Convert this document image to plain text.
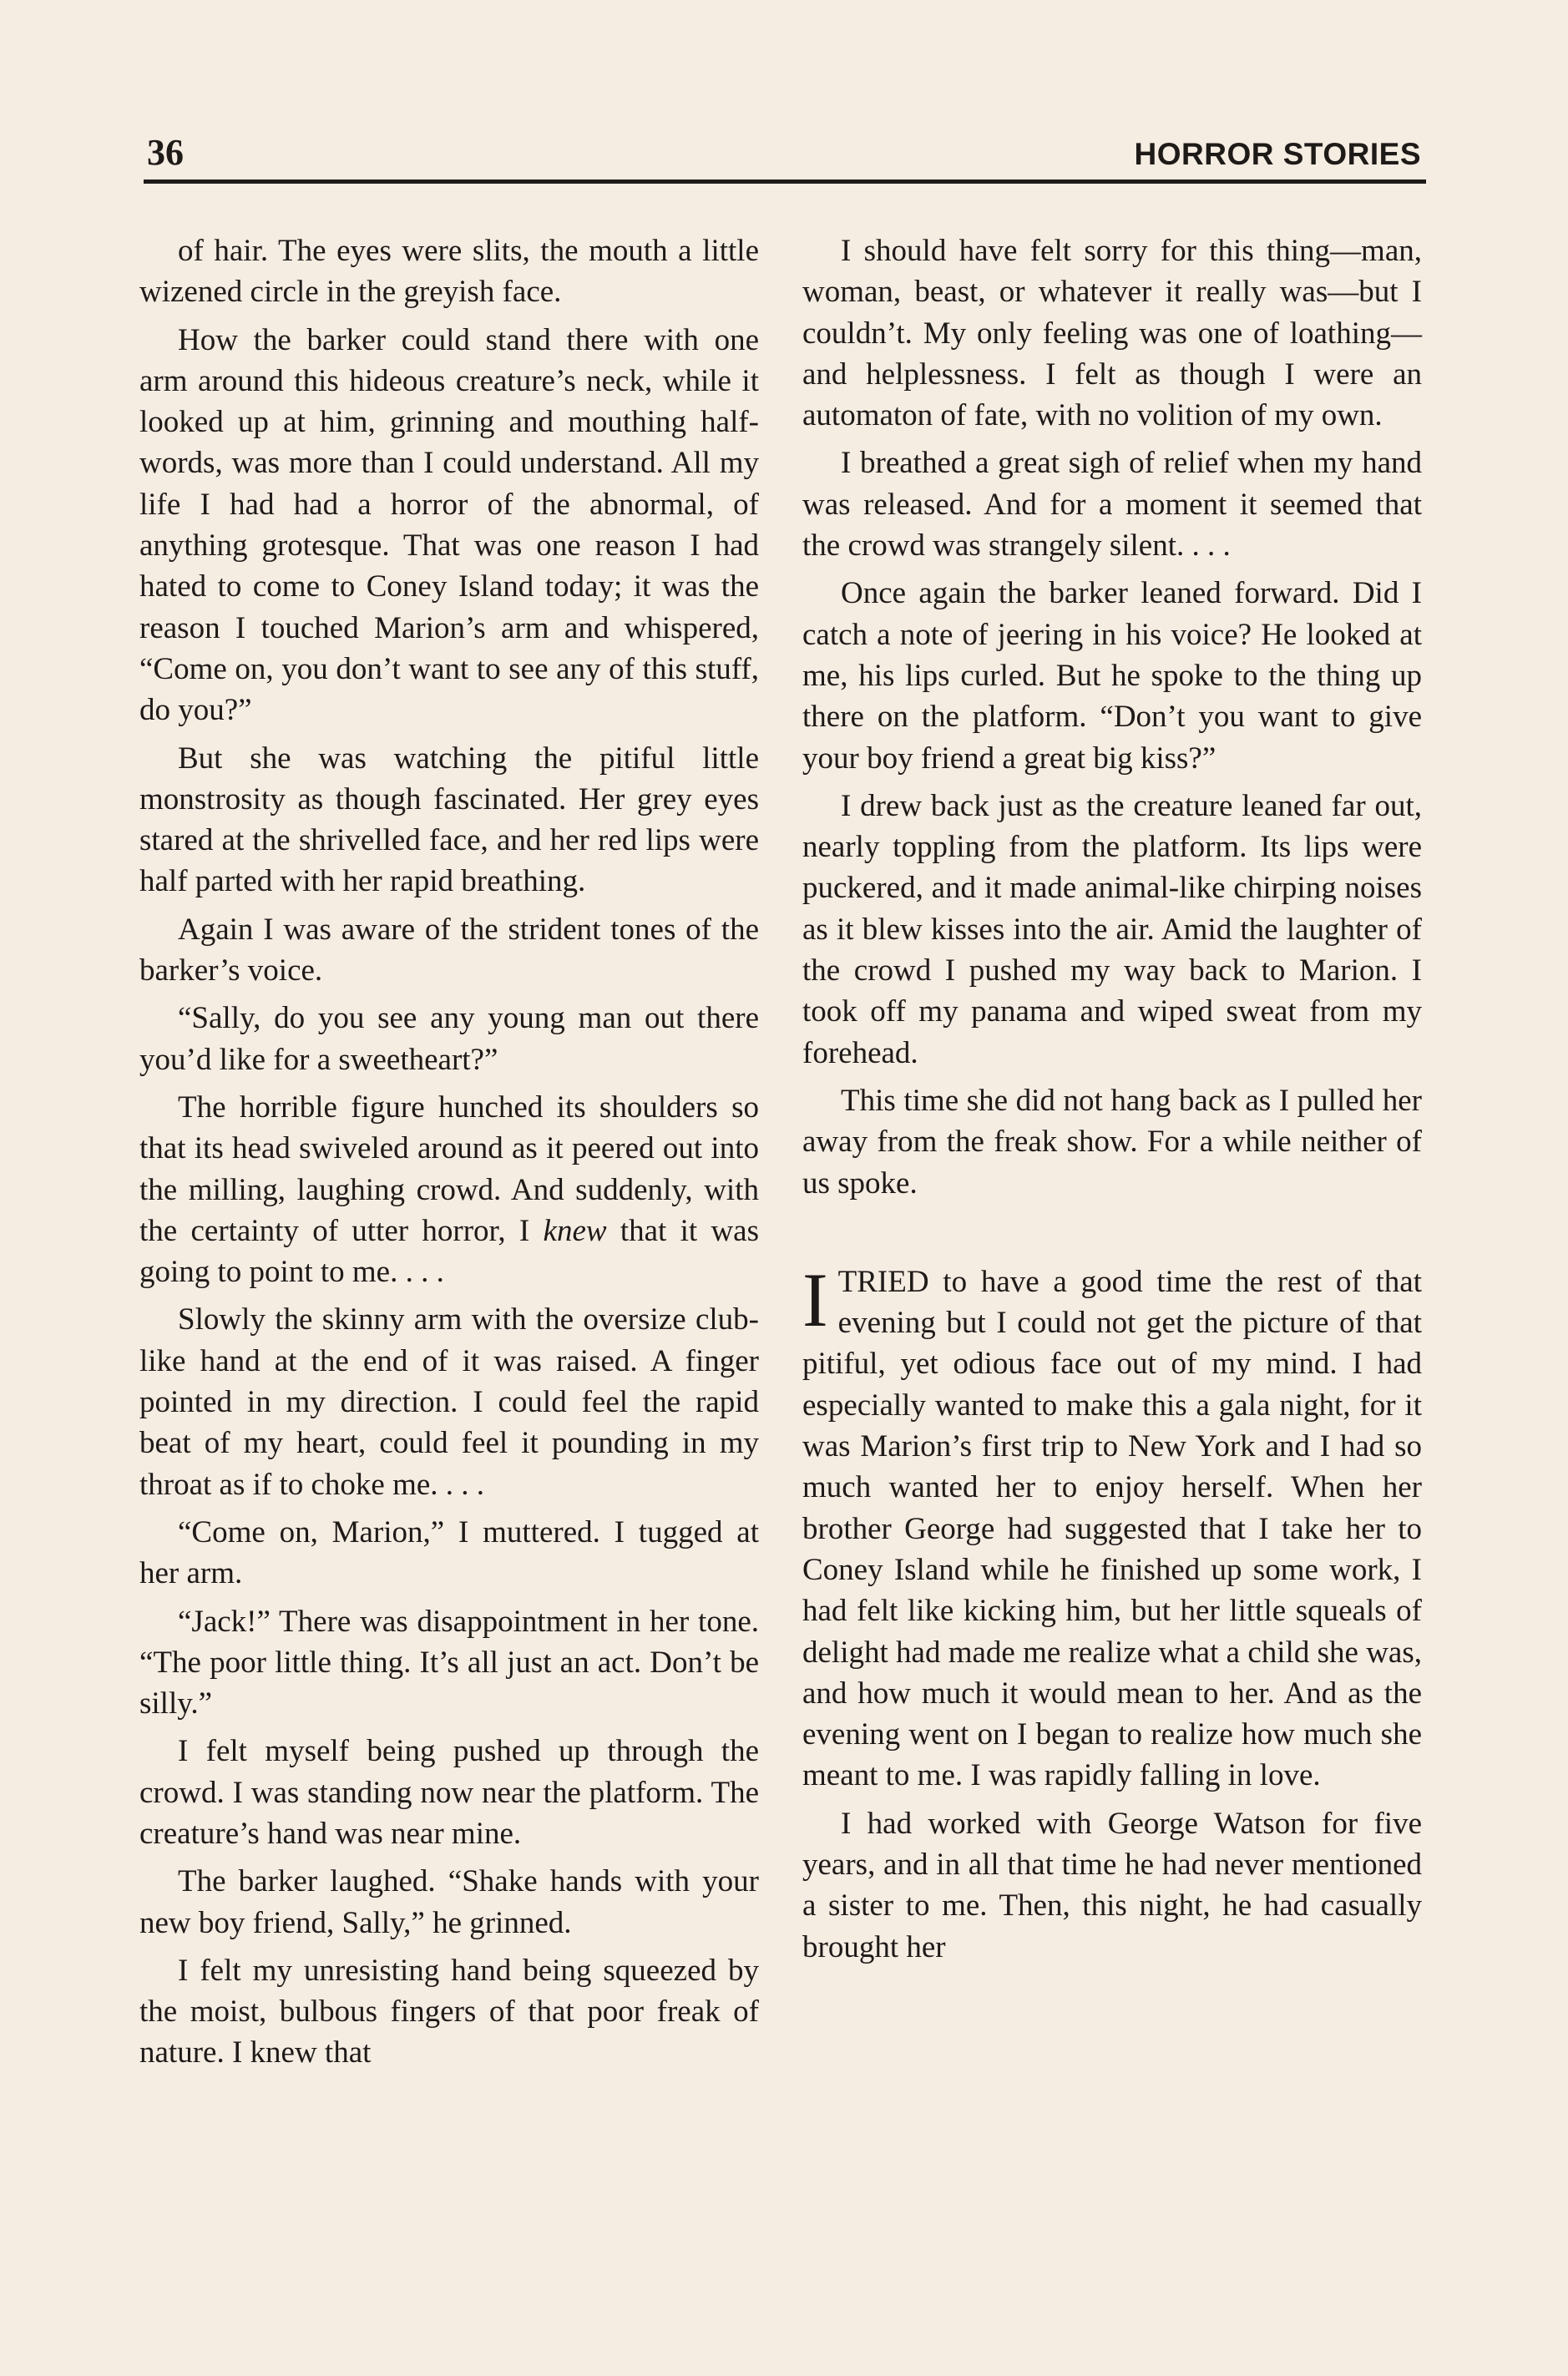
36	HORROR STORIES

of hair. The eyes were slits, the mouth a little wizened circle in the greyish face.

How the barker could stand there with one arm around this hideous creature’s neck, while it looked up at him, grinning and mouthing half-words, was more than I could understand. All my life I had had a horror of the abnormal, of anything grotesque. That was one reason I had hated to come to Coney Island today; it was the reason I touched Marion’s arm and whispered, “Come on, you don’t want to see any of this stuff, do you?”

But she was watching the pitiful little monstrosity as though fascinated. Her grey eyes stared at the shrivelled face, and her red lips were half parted with her rapid breathing.

Again I was aware of the strident tones of the barker’s voice.

“Sally, do you see any young man out there you’d like for a sweetheart?”

The horrible figure hunched its shoulders so that its head swiveled around as it peered out into the milling, laughing crowd. And suddenly, with the certainty of utter horror, I knew that it was going to point to me. . . .

Slowly the skinny arm with the oversize club-like hand at the end of it was raised. A finger pointed in my direction. I could feel the rapid beat of my heart, could feel it pounding in my throat as if to choke me. . . .

“Come on, Marion,” I muttered. I tugged at her arm.

“Jack!” There was disappointment in her tone. “The poor little thing. It’s all just an act. Don’t be silly.”

I felt myself being pushed up through the crowd. I was standing now near the platform. The creature’s hand was near mine.

The barker laughed. “Shake hands with your new boy friend, Sally,” he grinned.

I felt my unresisting hand being squeezed by the moist, bulbous fingers of that poor freak of nature. I knew that

I should have felt sorry for this thing—man, woman, beast, or whatever it really was—but I couldn’t. My only feeling was one of loathing—and helplessness. I felt as though I were an automaton of fate, with no volition of my own.

I breathed a great sigh of relief when my hand was released. And for a moment it seemed that the crowd was strangely silent. . . .

Once again the barker leaned forward. Did I catch a note of jeering in his voice? He looked at me, his lips curled. But he spoke to the thing up there on the platform. “Don’t you want to give your boy friend a great big kiss?”

I drew back just as the creature leaned far out, nearly toppling from the platform. Its lips were puckered, and it made animal-like chirping noises as it blew kisses into the air. Amid the laughter of the crowd I pushed my way back to Marion. I took off my panama and wiped sweat from my forehead.

This time she did not hang back as I pulled her away from the freak show. For a while neither of us spoke.

I TRIED to have a good time the rest of that evening but I could not get the picture of that pitiful, yet odious face out of my mind. I had especially wanted to make this a gala night, for it was Marion’s first trip to New York and I had so much wanted her to enjoy herself. When her brother George had suggested that I take her to Coney Island while he finished up some work, I had felt like kicking him, but her little squeals of delight had made me realize what a child she was, and how much it would mean to her. And as the evening went on I began to realize how much she meant to me. I was rapidly falling in love.

I had worked with George Watson for five years, and in all that time he had never mentioned a sister to me. Then, this night, he had casually brought her
